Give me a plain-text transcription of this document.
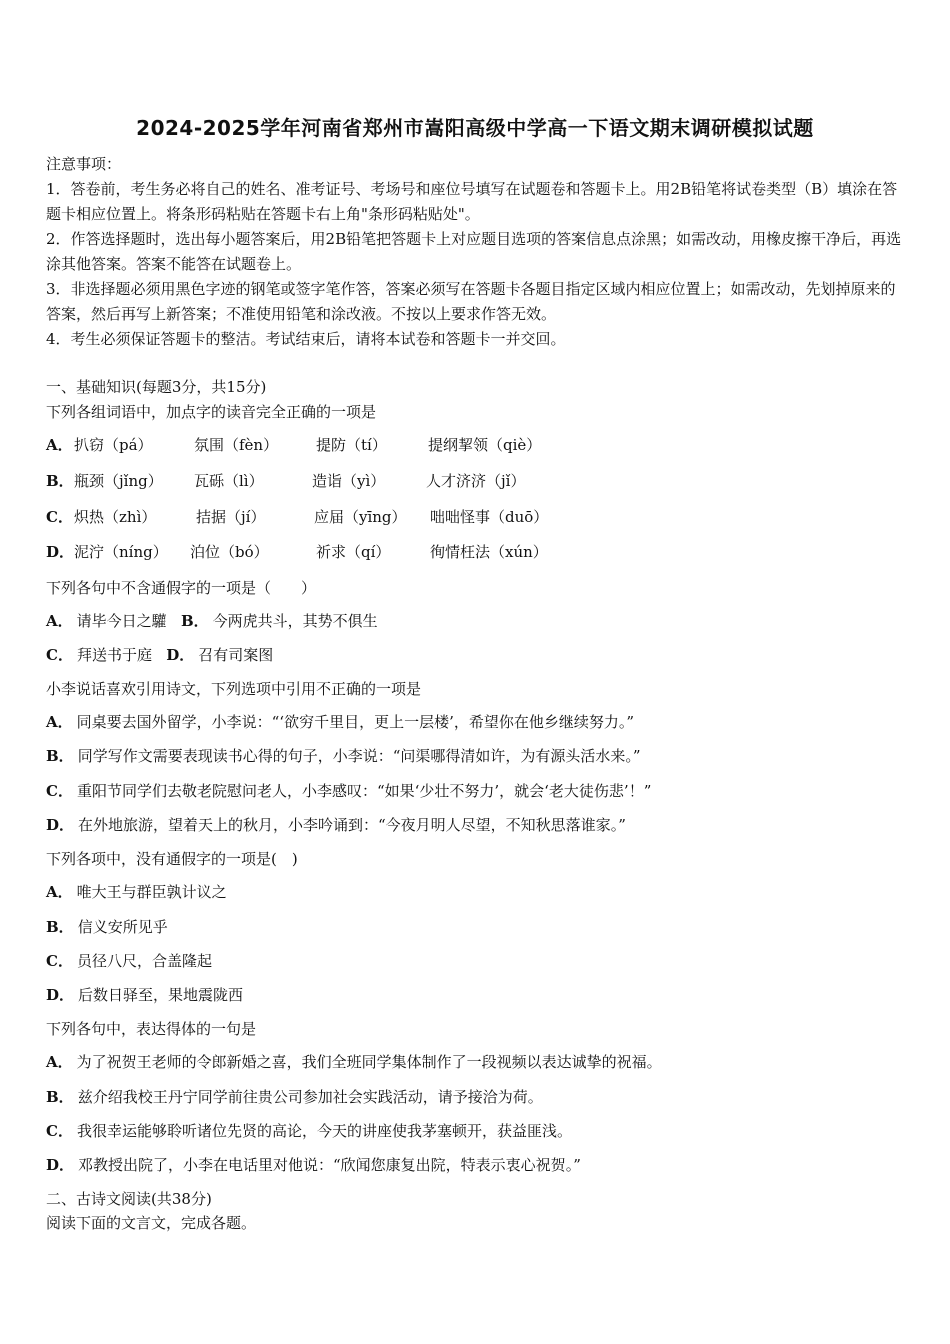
2024-2025学年河南省郑州市嵩阳高级中学高一下语文期末调研模拟试题

注意事项：

1．答卷前，考生务必将自己的姓名、准考证号、考场号和座位号填写在试题卷和答题卡上。用2B铅笔将试卷类型（B）填涂在答题卡相应位置上。将条形码粘贴在答题卡右上角"条形码粘贴处"。

2．作答选择题时，选出每小题答案后，用2B铅笔把答题卡上对应题目选项的答案信息点涂黑；如需改动，用橡皮擦干净后，再选涂其他答案。答案不能答在试题卷上。

3．非选择题必须用黑色字迹的钢笔或签字笔作答，答案必须写在答题卡各题目指定区域内相应位置上；如需改动，先划掉原来的答案，然后再写上新答案；不准使用铅笔和涂改液。不按以上要求作答无效。

4．考生必须保证答题卡的整洁。考试结束后，请将本试卷和答题卡一并交回。

一、基础知识(每题3分，共15分)
下列各组词语中，加点字的读音完全正确的一项是
A． 扒窃（pá）	氛围（fèn）	提防（tí）	提纲挈领（qiè）
B． 瓶颈（jǐng） 瓦砾（lì）	造诣（yì）	人才济济（jǐ）
C． 炽热（zhì）	拮据（jí）	应届（yīng） 咄咄怪事（duō）
D． 泥泞（níng） 泊位（bó）	祈求（qí）	徇情枉法（xún）
下列各句中不含通假字的一项是（　　）
A． 请毕今日之驩 B． 今两虎共斗，其势不俱生
C． 拜送书于庭 D． 召有司案图
小李说话喜欢引用诗文，下列选项中引用不正确的一项是
A． 同桌要去国外留学，小李说：“‘欲穷千里目，更上一层楼’，希望你在他乡继续努力。”
B． 同学写作文需要表现读书心得的句子，小李说：“问渠哪得清如许，为有源头活水来。”
C． 重阳节同学们去敬老院慰问老人，小李感叹：“如果‘少壮不努力’，就会‘老大徒伤悲’！”
D． 在外地旅游，望着天上的秋月，小李吟诵到：“今夜月明人尽望，不知秋思落谁家。”
下列各项中，没有通假字的一项是(　)
A． 唯大王与群臣孰计议之
B． 信义安所见乎
C． 员径八尺，合盖隆起
D． 后数日驿至，果地震陇西
下列各句中，表达得体的一句是
A． 为了祝贺王老师的令郎新婚之喜，我们全班同学集体制作了一段视频以表达诚挚的祝福。
B． 兹介绍我校王丹宁同学前往贵公司参加社会实践活动，请予接洽为荷。
C． 我很幸运能够聆听诸位先贤的高论，今天的讲座使我茅塞顿开，获益匪浅。
D． 邓教授出院了，小李在电话里对他说：“欣闻您康复出院，特表示衷心祝贺。”
二、古诗文阅读(共38分)
阅读下面的文言文，完成各题。
